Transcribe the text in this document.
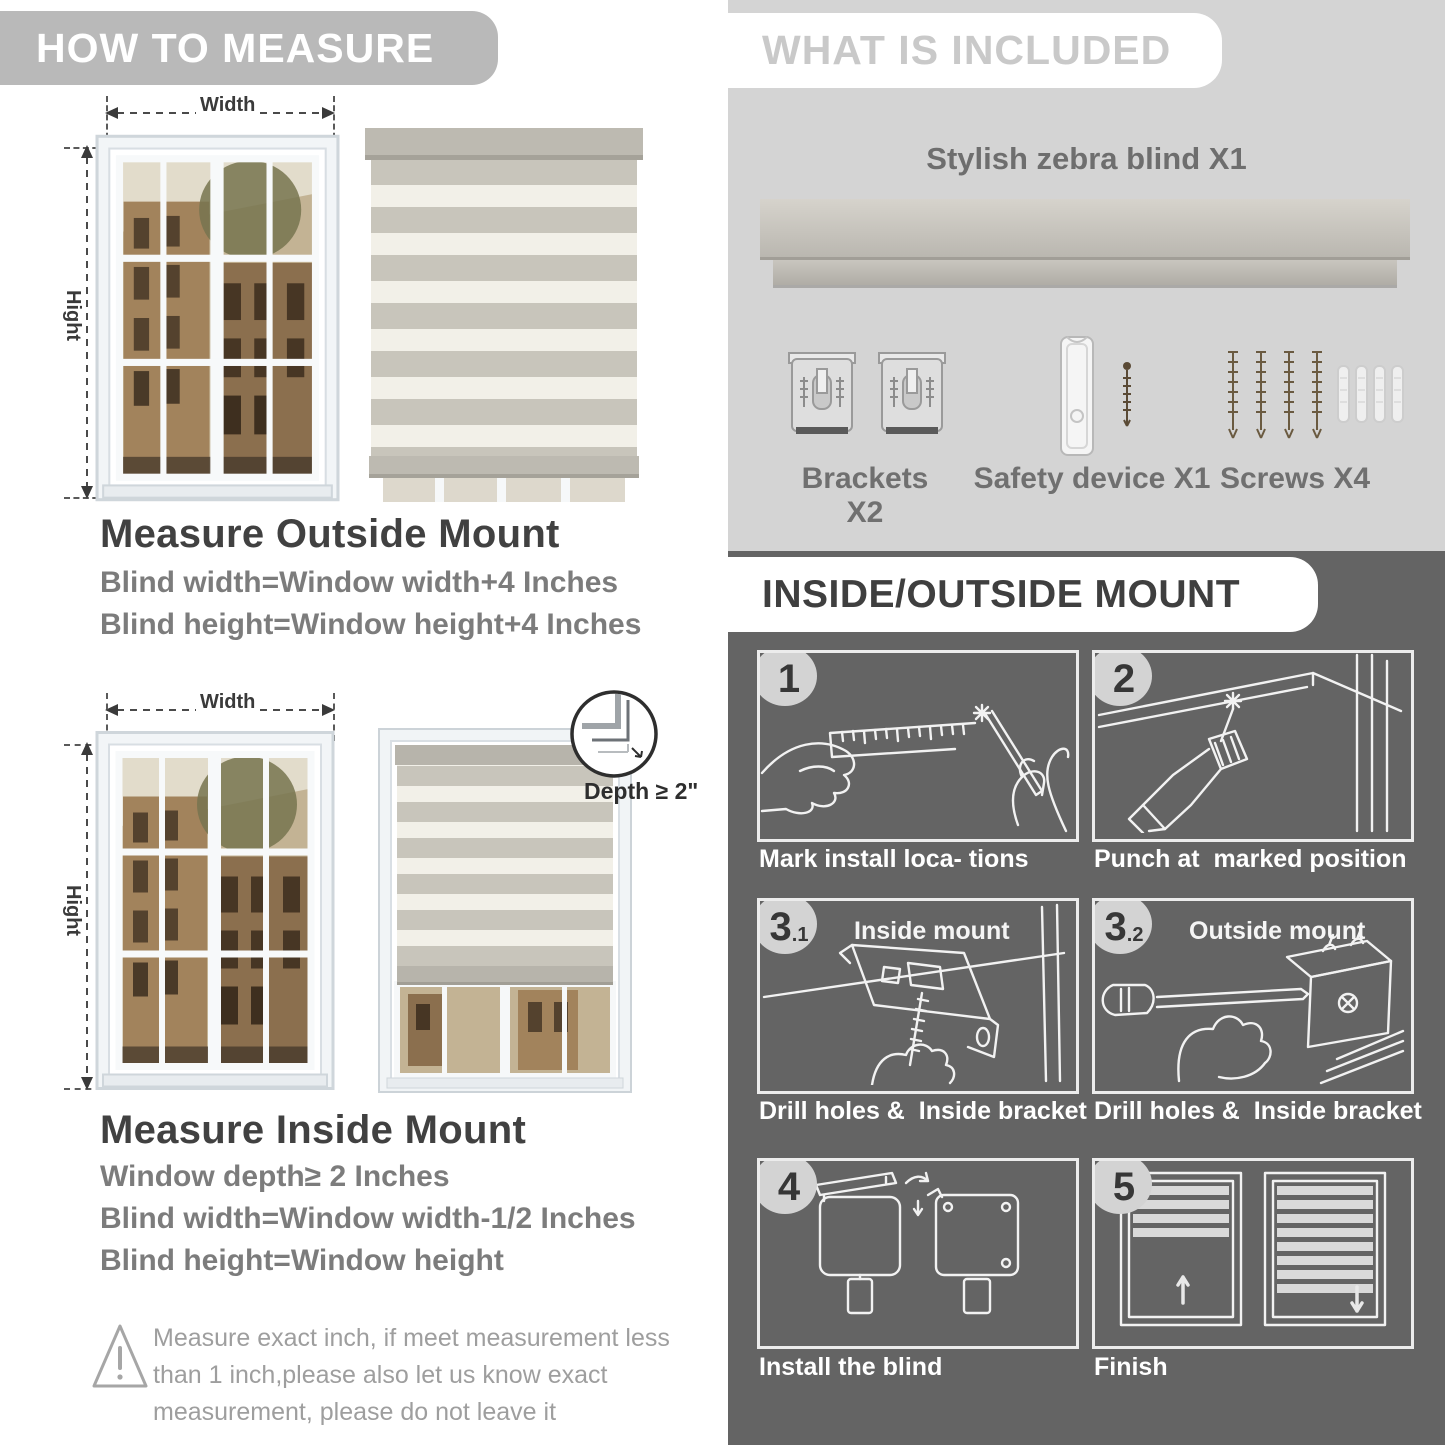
HOW TO MEASURE
Width
Hight
Measure Outside Mount
Blind width=Window width+4 Inches
Blind height=Window height+4 Inches
Width
Hight
Depth ≥ 2"
Measure Inside Mount
Window depth≥ 2 Inches
Blind width=Window width-1/2 Inches
Blind height=Window height
Measure exact inch, if meet measurement less than 1 inch,please also let us know exact measurement, please do not leave it
WHAT IS INCLUDED
Stylish zebra blind X1
Brackets X2
Safety device X1 Screws X4
INSIDE/OUTSIDE MOUNT
1
Mark install loca- tions
2
Punch at  marked position
3 .1 Inside mount
Drill holes &  Inside bracket
3 .2 Outside mount
Drill holes &  Inside bracket
4
Install the blind
5
Finish
